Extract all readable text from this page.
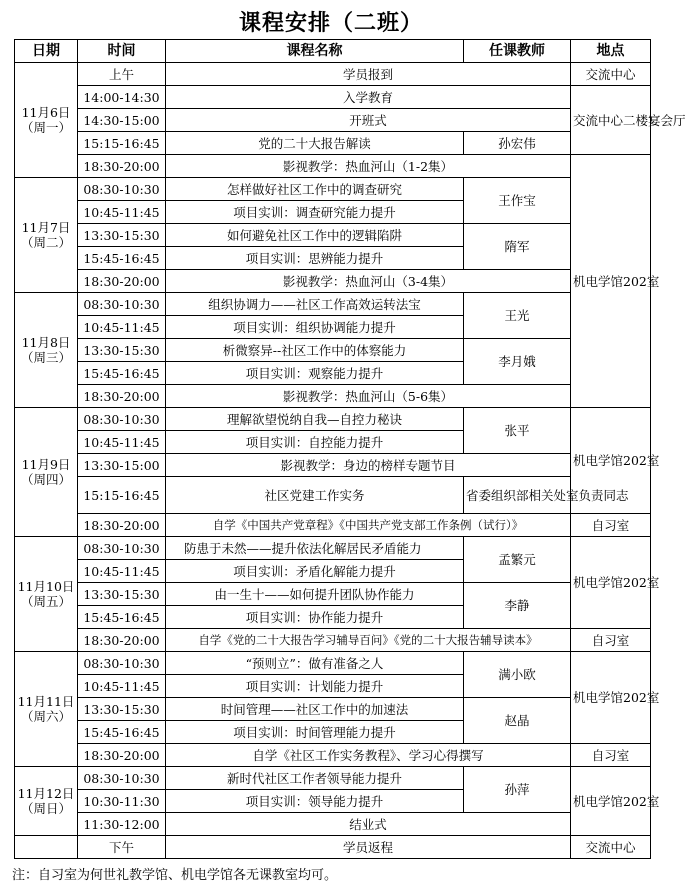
课程安排（二班）
日期	时间	课程名称	任课教师	地点

11月6日
（周一）	上午	学员报到		交流中心
	14:00-14:30	入学教育		交流中心二楼宴会厅
	14:30-15:00	开班式		
	15:15-16:45	党的二十大报告解读	孙宏伟	
	18:30-20:00	影视教学：热血河山（1-2集）		机电学馆202室

11月7日
（周二）	08:30-10:30	怎样做好社区工作中的调查研究	王作宝	
	10:45-11:45	项目实训：调查研究能力提升		
	13:30-15:30	如何避免社区工作中的逻辑陷阱	隋军	
	15:45-16:45	项目实训：思辨能力提升		
	18:30-20:00	影视教学：热血河山（3-4集）		

11月8日
（周三）	08:30-10:30	组织协调力——社区工作高效运转法宝	王光	
	10:45-11:45	项目实训：组织协调能力提升		
	13:30-15:30	析微察异--社区工作中的体察能力	李月娥	
	15:45-16:45	项目实训：观察能力提升		
	18:30-20:00	影视教学：热血河山（5-6集）		

11月9日
（周四）	08:30-10:30	理解欲望悦纳自我—自控力秘诀	张平	机电学馆202室
	10:45-11:45	项目实训：自控能力提升		
	13:30-15:00	影视教学：身边的榜样专题节目		
	15:15-16:45	社区党建工作实务	省委组织部相关处室负责同志	
	18:30-20:00	自学《中国共产党章程》《中国共产党支部工作条例（试行）》		自习室

11月10日
（周五）	08:30-10:30	防患于未然——提升依法化解居民矛盾能力	孟繁元	机电学馆202室
	10:45-11:45	项目实训：矛盾化解能力提升		
	13:30-15:30	由一生十——如何提升团队协作能力	李静	
	15:45-16:45	项目实训：协作能力提升		
	18:30-20:00	自学《党的二十大报告学习辅导百问》《党的二十大报告辅导读本》		自习室

11月11日
（周六）	08:30-10:30	“预则立”：做有准备之人	满小欧	机电学馆202室
	10:45-11:45	项目实训：计划能力提升		
	13:30-15:30	时间管理——社区工作中的加速法	赵晶	
	15:45-16:45	项目实训：时间管理能力提升		
	18:30-20:00	自学《社区工作实务教程》、学习心得撰写		自习室

11月12日
（周日）	08:30-10:30	新时代社区工作者领导能力提升	孙萍	机电学馆202室
	10:30-11:30	项目实训：领导能力提升		
	11:30-12:00	结业式		
	下午	学员返程		交流中心
注：自习室为何世礼教学馆、机电学馆各无课教室均可。
